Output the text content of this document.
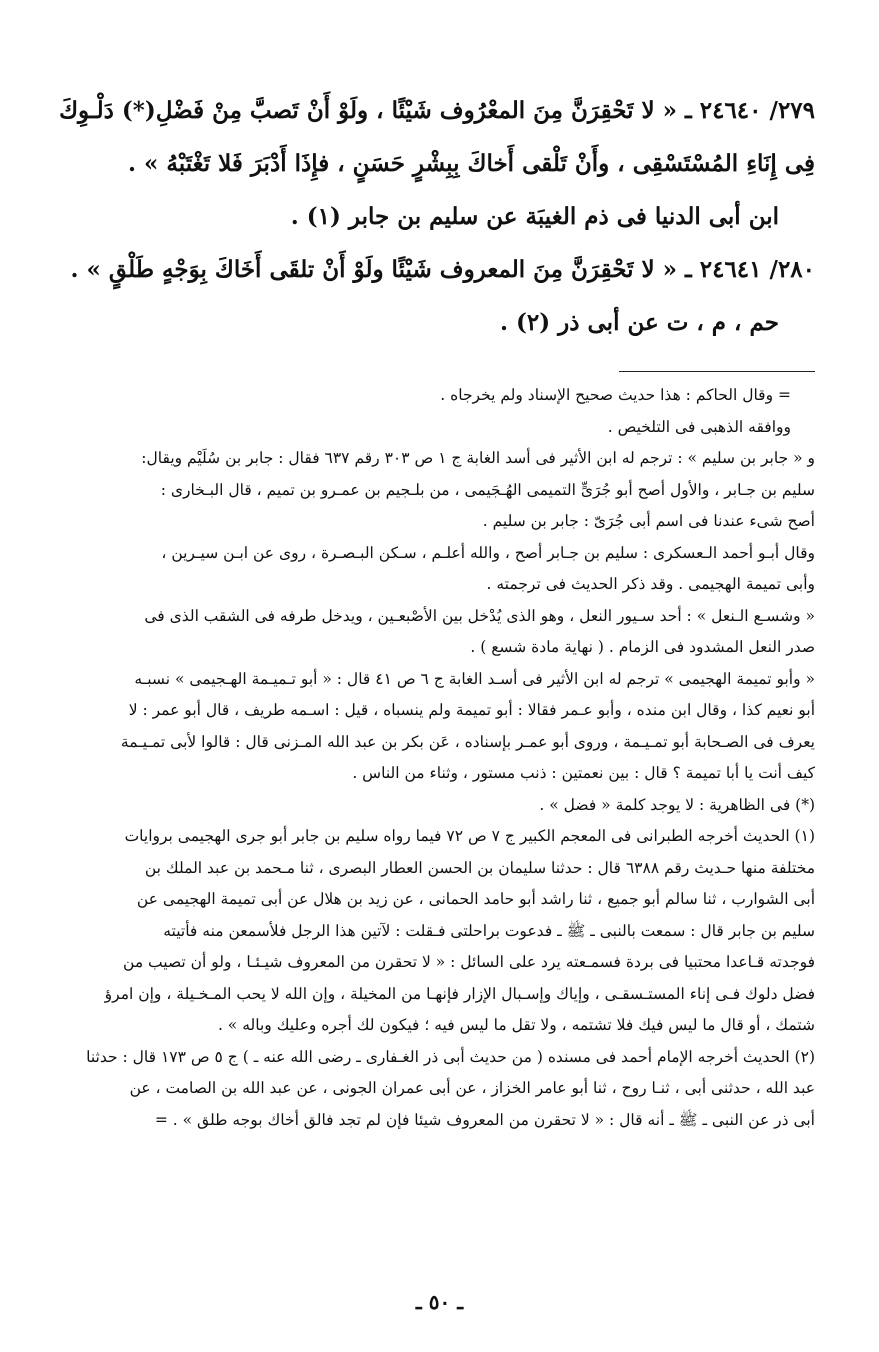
٢٧٩/ ٢٤٦٤٠ ـ « لا تَحْقِرَنَّ مِنَ المعْرُوف شَيْئًا ، ولَوْ أَنْ تَصبَّ مِنْ فَضْلِ(*) دَلْـوِكَ
فِى إِنَاءِ المُسْتَسْقِى ، وأَنْ تَلْقى أَخاكَ بِبِشْرٍ حَسَنٍ ، فإِذَا أَدْبَرَ فَلا تَغْتَبْهُ » .
ابن أبى الدنيا فى ذم الغيبَة عن سليم بن جابر (١) .
٢٨٠/ ٢٤٦٤١ ـ « لا تَحْقِرَنَّ مِنَ المعروف شَيْئًا ولَوْ أَنْ تلقَى أَخَاكَ بِوَجْهٍ طَلْقٍ » .
حم ، م ، ت عن أبى ذر (٢) .
= وقال الحاكم : هذا حديث صحيح الإسناد ولم يخرجاه .
ووافقه الذهبى فى التلخيص .
و « جابر بن سليم » : ترجم له ابن الأثير فى أسد الغابة ج ١ ص ٣٠٣ رقم ٦٣٧ فقال : جابر بن سُلَيْم ويقال:
سليم بن جـابر ، والأول أصح أبو جُرَىٍّ التميمى الهُـجَيمى ، من بلـجيم بن عمـرو بن تميم ، قال البـخارى :
أصح شىء عندنا فى اسم أبى جُرَىّ : جابر بن سليم .
وقال أبـو أحمد الـعسكرى : سليم بن جـابر أصح ، والله أعلـم ، سـكن البـصـرة ، روى عن ابـن سيـرين ،
وأبى تميمة الهجيمى . وقد ذكر الحديث فى ترجمته .
« وشسـع الـنعل » : أحد سـيور النعل ، وهو الذى يُدْخل بين الأصْبعـين ، ويدخل طرفه فى الشقب الذى فى
صدر النعل المشدود فى الزمام . ( نهاية مادة شسع ) .
« وأبو تميمة الهجيمى » ترجم له ابن الأثير فى أسـد الغابة ج ٦ ص ٤١ قال : « أبو تـميـمة الهـجيمى » نسبـه
أبو نعيم كذا ، وقال ابن منده ، وأبو عـمر فقالا : أبو تميمة ولم ينسباه ، قيل : اسـمه طريف ، قال أبو عمر : لا
يعرف فى الصـحابة أبو تمـيـمة ، وروى أبو عمـر بإسناده ، عَن بكر بن عبد الله المـزنى قال : قالوا لأبى تمـيـمة
كيف أنت يا أبا تميمة ؟ قال : بين نعمتين : ذنب مستور ، وثناء من الناس .
(*) فى الظاهرية : لا يوجد كلمة « فضل » .
(١) الحديث أخرجه الطبرانى فى المعجم الكبير ج ٧ ص ٧٢ فيما رواه سليم بن جابر أبو جرى الهجيمى بروايات
مختلفة منها حـديث رقم ٦٣٨٨ قال : حدثنا سليمان بن الحسن العطار البصرى ، ثنا مـحمد بن عبد الملك بن
أبى الشوارب ، ثنا سالم أبو جميع ، ثنا راشد أبو حامد الحمانى ، عن زيد بن هلال عن أبى تميمة الهجيمى عن
سليم بن جابر قال : سمعت بالنبى ـ ﷺ ـ فدعوت براحلتى فـقلت : لآتين هذا الرجل فلأسمعن منه فأتيته
فوجدته قـاعدا محتبيا فى بردة فسمـعته يرد على السائل : « لا تحقرن من المعروف شيـئـا ، ولو أن تصيب من
فضل دلوك فـى إناء المستـسقـى ، وإياك وإسـبال الإزار فإنهـا من المخيلة ، وإن الله لا يحب المـخـيلة ، وإن امرؤ
شتمك ، أو قال ما ليس فيك فلا تشتمه ، ولا تقل ما ليس فيه ؛ فيكون لك أجره وعليك وباله » .
(٢) الحديث أخرجه الإمام أحمد فى مسنده ( من حديث أبى ذر الغـفارى ـ رضى الله عنه ـ ) ج ٥ ص ١٧٣ قال : حدثنا
عبد الله ، حدثنى أبى ، ثنـا روح ، ثنا أبو عامر الخزاز ، عن أبى عمران الجونى ، عن عبد الله بن الصامت ، عن
أبى ذر عن النبى ـ ﷺ ـ أنه قال : « لا تحقرن من المعروف شيئا فإن لم تجد فالق أخاك بوجه طلق » . =
ـ ٥٠ ـ
